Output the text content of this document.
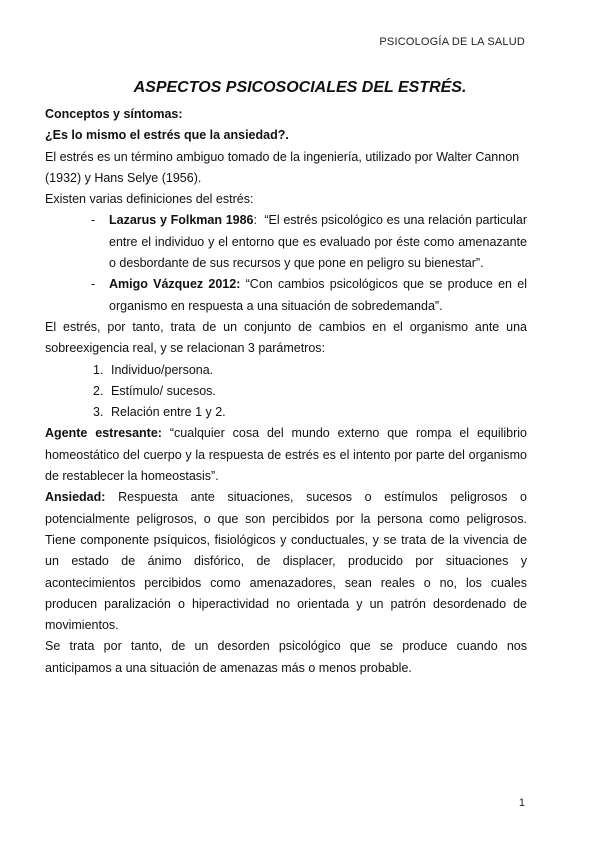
PSICOLOGÍA DE LA SALUD
ASPECTOS PSICOSOCIALES DEL ESTRÉS.

Conceptos y síntomas:

¿Es lo mismo el estrés que la ansiedad?.

El estrés es un término ambiguo tomado de la ingeniería, utilizado por Walter Cannon (1932) y Hans Selye (1956).

Existen varias definiciones del estrés:

- Lazarus y Folkman 1986:  “El estrés psicológico es una relación particular entre el individuo y el entorno que es evaluado por éste como amenazante o desbordante de sus recursos y que pone en peligro su bienestar”.
- Amigo Vázquez 2012: “Con cambios psicológicos que se produce en el organismo en respuesta a una situación de sobredemanda”.

El estrés, por tanto, trata de un conjunto de cambios en el organismo ante una sobreexigencia real, y se relacionan 3 parámetros:

1. Individuo/persona.
2. Estímulo/ sucesos.
3. Relación entre 1 y 2.

Agente estresante: “cualquier cosa del mundo externo que rompa el equilibrio homeostático del cuerpo y la respuesta de estrés es el intento por parte del organismo de restablecer la homeostasis”.

Ansiedad: Respuesta ante situaciones, sucesos o estímulos peligrosos o potencialmente peligrosos, o que son percibidos por la persona como peligrosos. Tiene componente psíquicos, fisiológicos y conductuales, y se trata de la vivencia de un estado de ánimo disfórico, de displacer, producido por situaciones y acontecimientos percibidos como amenazadores, sean reales o no, los cuales producen paralización o hiperactividad no orientada y un patrón desordenado de movimientos.

Se trata por tanto, de un desorden psicológico que se produce cuando nos anticipamos a una situación de amenazas más o menos probable.

1
